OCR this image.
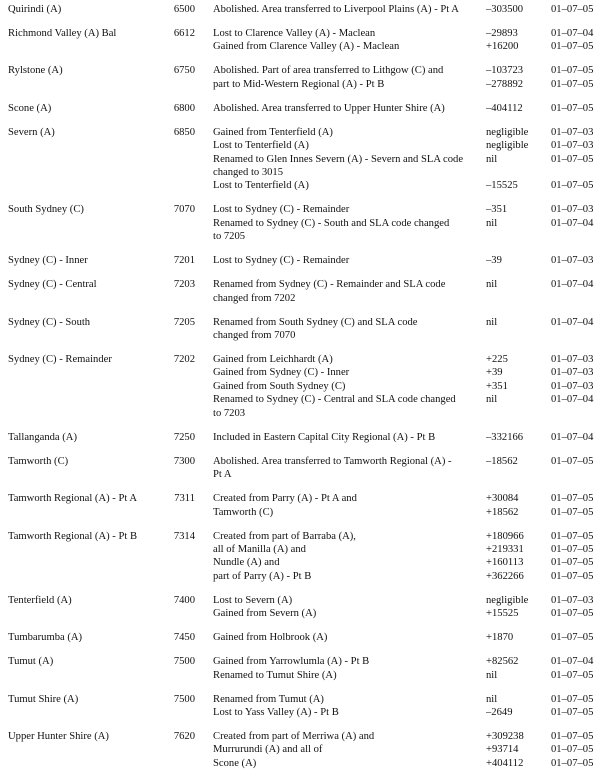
Quirindi (A)	6500 Abolished. Area transferred to Liverpool Plains (A) - Pt A	–303500	01–07–05
Richmond Valley (A) Bal	6612 Lost to Clarence Valley (A) - Maclean	–29893	01–07–04
Gained from Clarence Valley (A) - Maclean	+16200	01–07–05
Rylstone (A)	6750 Abolished. Part of area transferred to Lithgow (C) and	–103723	01–07–05
part to Mid-Western Regional (A) - Pt B	–278892	01–07–05
Scone (A)	6800 Abolished. Area transferred to Upper Hunter Shire (A)	–404112	01–07–05
Severn (A)	6850 Gained from Tenterfield (A)	negligible	01–07–03
Lost to Tenterfield (A)	negligible	01–07–03
Renamed to Glen Innes Severn (A) - Severn and SLA code	nil	01–07–05
changed to 3015
Lost to Tenterfield (A)	–15525	01–07–05
South Sydney (C)	7070 Lost to Sydney (C) - Remainder	–351	01–07–03
Renamed to Sydney (C) - South and SLA code changed	nil	01–07–04
to 7205
Sydney (C) - Inner	7201 Lost to Sydney (C) - Remainder	–39	01–07–03
Sydney (C) - Central	7203 Renamed from Sydney (C) - Remainder and SLA code	nil	01–07–04
changed from 7202
Sydney (C) - South	7205 Renamed from South Sydney (C) and SLA code	nil	01–07–04
changed from 7070
Sydney (C) - Remainder	7202 Gained from Leichhardt (A)	+225	01–07–03
Gained from Sydney (C) - Inner	+39	01–07–03
Gained from South Sydney (C)	+351	01–07–03
Renamed to Sydney (C) - Central and SLA code changed	nil	01–07–04
to 7203
Tallanganda (A)	7250 Included in Eastern Capital City Regional (A) - Pt B	–332166	01–07–04
Tamworth (C)	7300 Abolished. Area transferred to Tamworth Regional (A) -	–18562	01–07–05
Pt A
Tamworth Regional (A) - Pt A	7311 Created from Parry (A) - Pt A and	+30084	01–07–05
Tamworth (C)	+18562	01–07–05
Tamworth Regional (A) - Pt B	7314 Created from part of Barraba (A),	+180966	01–07–05
all of Manilla (A) and	+219331	01–07–05
Nundle (A) and	+160113	01–07–05
part of Parry (A) - Pt B	+362266	01–07–05
Tenterfield (A)	7400 Lost to Severn (A)	negligible	01–07–03
Gained from Severn (A)	+15525	01–07–05
Tumbarumba (A)	7450 Gained from Holbrook (A)	+1870	01–07–05
Tumut (A)	7500 Gained from Yarrowlumla (A) - Pt B	+82562	01–07–04
Renamed to Tumut Shire (A)	nil	01–07–05
Tumut Shire (A)	7500 Renamed from Tumut (A)	nil	01–07–05
Lost to Yass Valley (A) - Pt B	–2649	01–07–05
Upper Hunter Shire (A)	7620 Created from part of Merriwa (A) and	+309238	01–07–05
Murrurundi (A) and all of	+93714	01–07–05
Scone (A)	+404112	01–07–05
